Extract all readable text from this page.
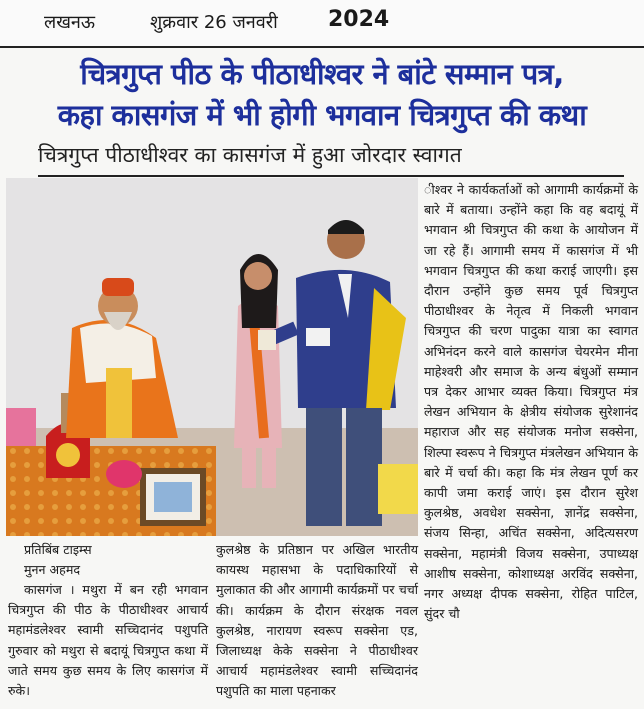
लखनऊ	शुक्रवार 26 जनवरी 2024
चित्रगुप्त पीठ के पीठाधीश्वर ने बांटे सम्मान पत्र,
कहा कासगंज में भी होगी भगवान चित्रगुप्त की कथा
चित्रगुप्त पीठाधीश्वर का कासगंज में हुआ जोरदार स्वागत

ीश्वर ने कार्यकर्ताओं को आगामी कार्यक्रमों के बारे में बताया। उन्होंने कहा कि वह बदायूं में भगवान श्री चित्रगुप्त की कथा के आयोजन में जा रहे हैं। आगामी समय में कासगंज में भी भगवान चित्रगुप्त की कथा कराई जाएगी। इस दौरान उन्होंने कुछ समय पूर्व चित्रगुप्त पीठाधीश्वर के नेतृत्व में निकली भगवान चित्रगुप्त की चरण पादुका यात्रा का स्वागत अभिनंदन करने वाले कासगंज चेयरमेन मीना माहेश्वरी और समाज के अन्य बंधुओं सम्मान पत्र देकर आभार व्यक्त किया। चित्रगुप्त मंत्र लेखन अभियान के क्षेत्रीय संयोजक सुरेशानंद महाराज और सह संयोजक मनोज सक्सेना, शिल्पा स्वरूप ने चित्रगुप्त मंत्रलेखन अभियान के बारे में चर्चा की। कहा कि मंत्र लेखन पूर्ण कर कापी जमा कराई जाएं। इस दौरान सुरेश कुलश्रेष्ठ, अवधेश सक्सेना, ज्ञानेंद्र सक्सेना, संजय सिन्हा, अचिंत सक्सेना, अदित्यसरण सक्सेना, महामंत्री विजय सक्सेना, उपाध्यक्ष आशीष सक्सेना, कोशाध्यक्ष अरविंद सक्सेना, नगर अध्यक्ष दीपक सक्सेना, रोहित पाटिल, सुंदर चौ

प्रतिबिंब टाइम्स

मुनन अहमद

कासगंज । मथुरा में बन रही भगवान चित्रगुप्त की पीठ के पीठाधीश्वर आचार्य महामंडलेश्वर स्वामी सच्चिदानंद पशुपति गुरुवार को मथुरा से बदायूं चित्रगुप्त कथा में जाते समय कुछ समय के लिए कासगंज में रुके।

कुलश्रेष्ठ के प्रतिष्ठान पर अखिल भारतीय कायस्थ महासभा के पदाधिकारियों से मुलाकात की और आगामी कार्यक्रमों पर चर्चा की। कार्यक्रम के दौरान संरक्षक नवल कुलश्रेष्ठ, नारायण स्वरूप सक्सेना एड, जिलाध्यक्ष केके सक्सेना ने पीठाधीश्वर आचार्य महामंडलेश्वर स्वामी सच्चिदानंद पशुपति का माला पहनाकर
